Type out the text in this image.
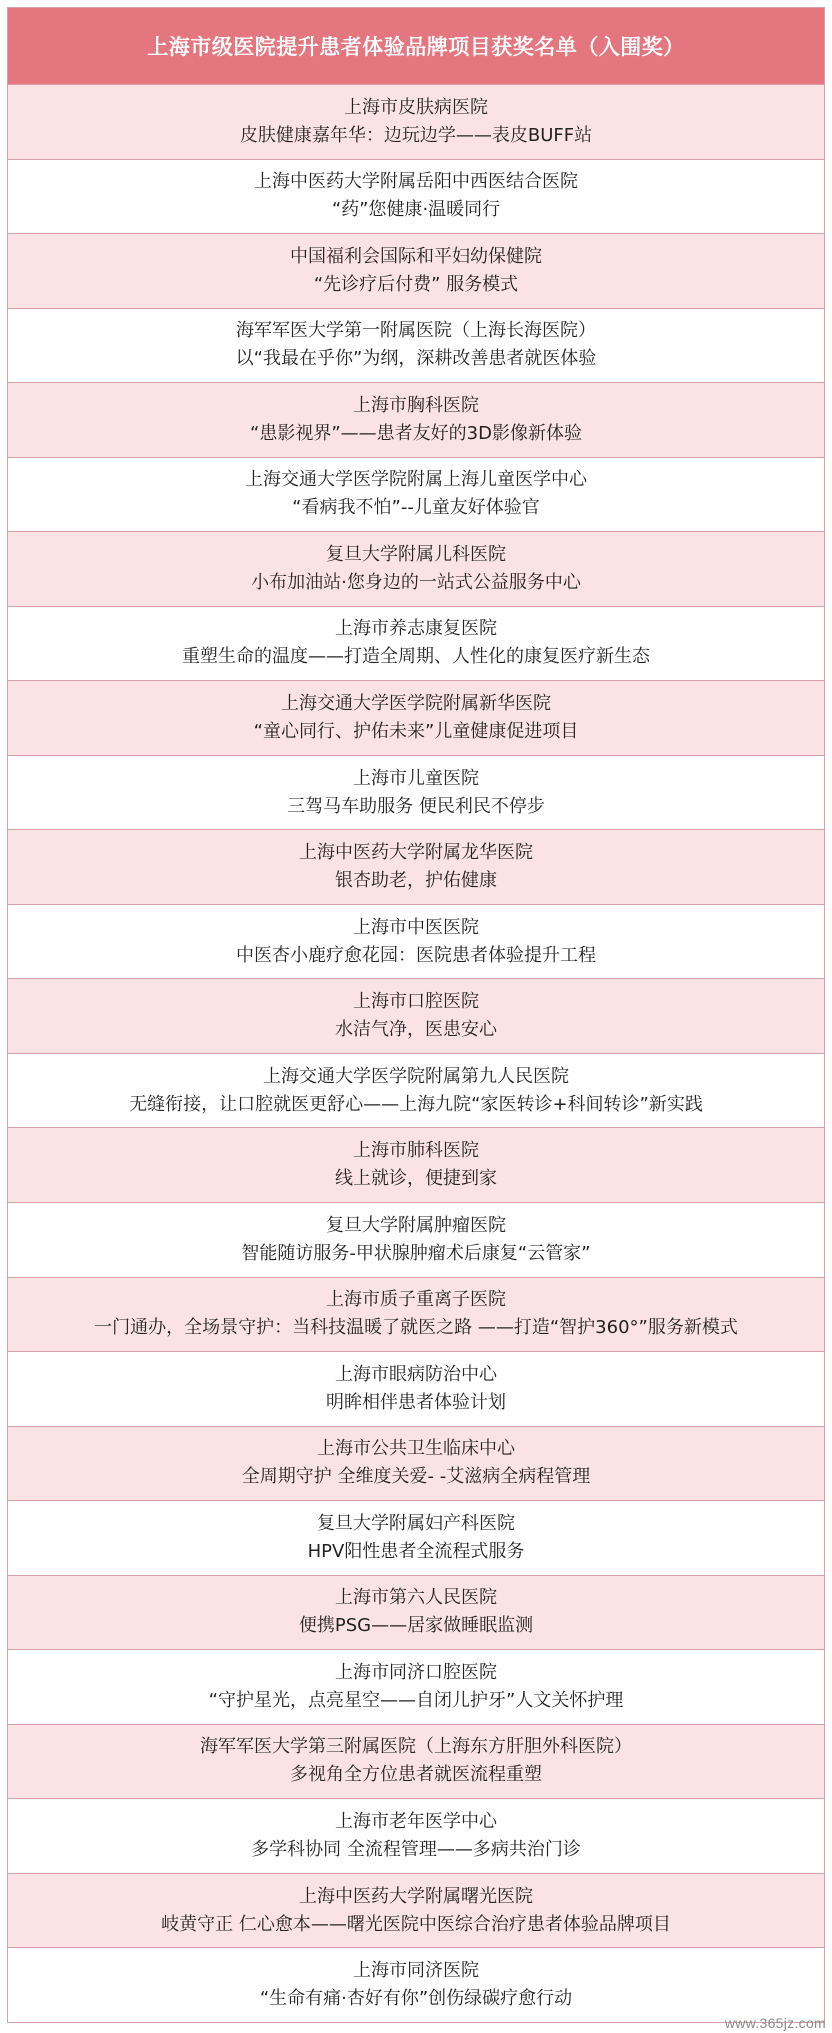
上海市级医院提升患者体验品牌项目获奖名单（入围奖）
上海市皮肤病医院
皮肤健康嘉年华：边玩边学——表皮BUFF站
上海中医药大学附属岳阳中西医结合医院
“药”您健康·温暖同行
中国福利会国际和平妇幼保健院
“先诊疗后付费” 服务模式
海军军医大学第一附属医院（上海长海医院）
以“我最在乎你”为纲，深耕改善患者就医体验
上海市胸科医院
“患影视界”——患者友好的3D影像新体验
上海交通大学医学院附属上海儿童医学中心
“看病我不怕”--儿童友好体验官
复旦大学附属儿科医院
小布加油站·您身边的一站式公益服务中心
上海市养志康复医院
重塑生命的温度——打造全周期、人性化的康复医疗新生态
上海交通大学医学院附属新华医院
“童心同行、护佑未来”儿童健康促进项目
上海市儿童医院
三驾马车助服务 便民利民不停步
上海中医药大学附属龙华医院
银杏助老，护佑健康
上海市中医医院
中医杏小鹿疗愈花园：医院患者体验提升工程
上海市口腔医院
水洁气净，医患安心
上海交通大学医学院附属第九人民医院
无缝衔接，让口腔就医更舒心——上海九院“家医转诊+科间转诊”新实践
上海市肺科医院
线上就诊，便捷到家
复旦大学附属肿瘤医院
智能随访服务-甲状腺肿瘤术后康复“云管家”
上海市质子重离子医院
一门通办，全场景守护：当科技温暖了就医之路 ——打造“智护360°”服务新模式
上海市眼病防治中心
明眸相伴患者体验计划
上海市公共卫生临床中心
全周期守护 全维度关爱- -艾滋病全病程管理
复旦大学附属妇产科医院
HPV阳性患者全流程式服务
上海市第六人民医院
便携PSG——居家做睡眠监测
上海市同济口腔医院
“守护星光，点亮星空——自闭儿护牙”人文关怀护理
海军军医大学第三附属医院（上海东方肝胆外科医院）
多视角全方位患者就医流程重塑
上海市老年医学中心
多学科协同 全流程管理——多病共治门诊
上海中医药大学附属曙光医院
岐黄守正 仁心愈本——曙光医院中医综合治疗患者体验品牌项目
上海市同济医院
“生命有痛·杏好有你”创伤绿碳疗愈行动
www.365jz.com
